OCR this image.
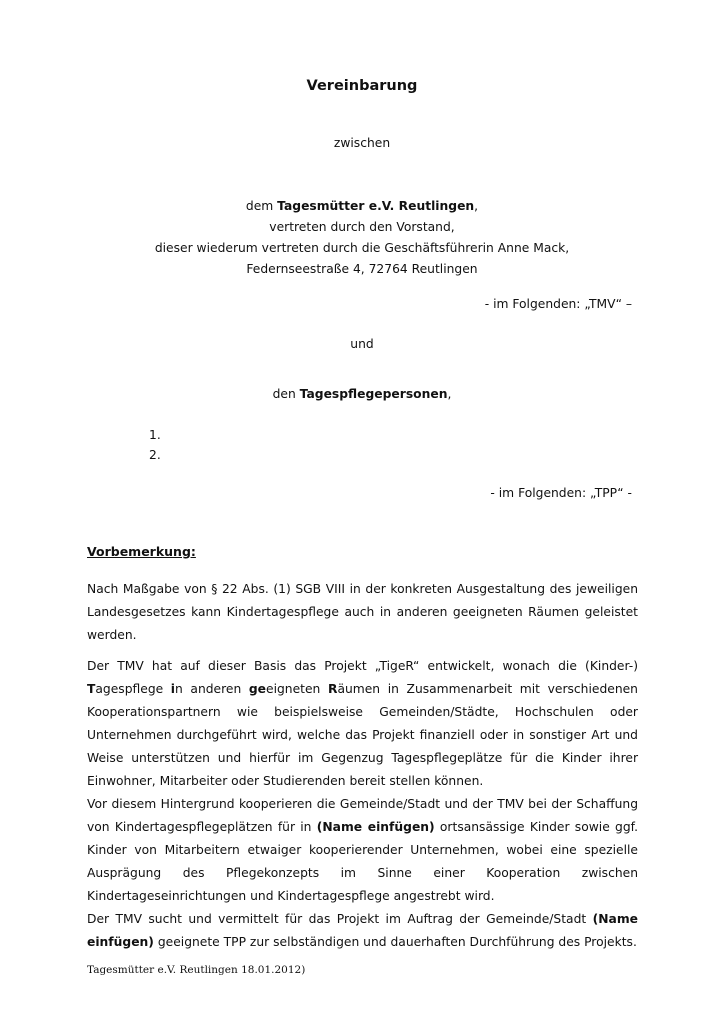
Vereinbarung
zwischen
dem Tagesmütter e.V. Reutlingen,
vertreten durch den Vorstand,
dieser wiederum vertreten durch die Geschäftsführerin Anne Mack,
Federnseestraße 4, 72764 Reutlingen
- im Folgenden: „TMV“ –
und
den Tagespflegepersonen,
1.
2.
- im Folgenden: „TPP“ -
Vorbemerkung:
Nach Maßgabe von § 22 Abs. (1) SGB VIII in der konkreten Ausgestaltung des jeweiligen Landesgesetzes kann Kindertagespflege auch in anderen geeigneten Räumen geleistet werden.
Der TMV hat auf dieser Basis das Projekt „TigeR“ entwickelt, wonach die (Kinder-) Tagespflege in anderen geeigneten Räumen in Zusammenarbeit mit verschiedenen Kooperationspartnern wie beispielsweise Gemeinden/Städte, Hochschulen oder Unternehmen durchgeführt wird, welche das Projekt finanziell oder in sonstiger Art und Weise unterstützen und hierfür im Gegenzug Tagespflegeplätze für die Kinder ihrer Einwohner, Mitarbeiter oder Studierenden bereit stellen können.
Vor diesem Hintergrund kooperieren die Gemeinde/Stadt und der TMV bei der Schaffung von Kindertagespflegeplätzen für in (Name einfügen) ortsansässige Kinder sowie ggf. Kinder von Mitarbeitern etwaiger kooperierender Unternehmen, wobei eine spezielle Ausprägung des Pflegekonzepts im Sinne einer Kooperation zwischen Kindertageseinrichtungen und Kindertagespflege angestrebt wird.
Der TMV sucht und vermittelt für das Projekt im Auftrag der Gemeinde/Stadt (Name einfügen) geeignete TPP zur selbständigen und dauerhaften Durchführung des Projekts.
Tagesmütter e.V. Reutlingen 18.01.2012)
